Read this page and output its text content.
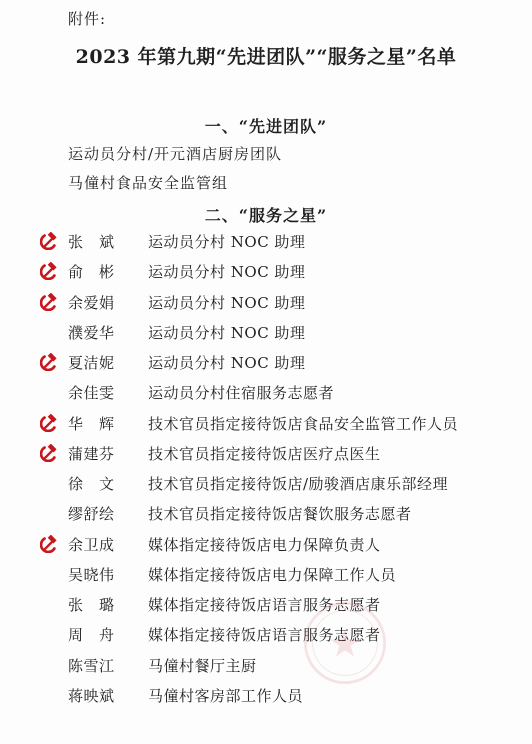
附件:
2023 年第九期“先进团队”“服务之星”名单
一、“先进团队”
运动员分村/开元酒店厨房团队
马僮村食品安全监管组
二、“服务之星”
张　斌	运动员分村 NOC 助理
俞　彬	运动员分村 NOC 助理
余爱娟	运动员分村 NOC 助理
濮爱华	运动员分村 NOC 助理
夏洁妮	运动员分村 NOC 助理
余佳雯	运动员分村住宿服务志愿者
华　辉	技术官员指定接待饭店食品安全监管工作人员
蒲建芬	技术官员指定接待饭店医疗点医生
徐　文	技术官员指定接待饭店/励骏酒店康乐部经理
缪舒绘	技术官员指定接待饭店餐饮服务志愿者
余卫成	媒体指定接待饭店电力保障负责人
吴晓伟	媒体指定接待饭店电力保障工作人员
张　璐	媒体指定接待饭店语言服务志愿者
周　舟	媒体指定接待饭店语言服务志愿者
陈雪江	马僮村餐厅主厨
蒋映斌	马僮村客房部工作人员
